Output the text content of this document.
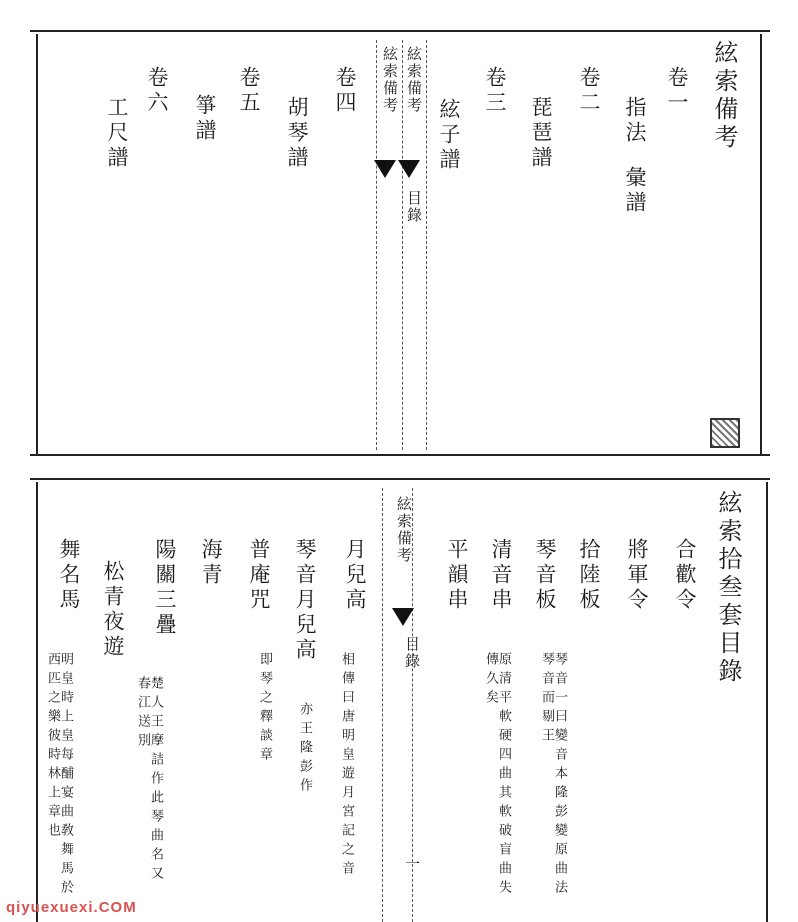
絃索備考
卷一
指法
彙譜
卷二
琵琶譜
卷三
絃子譜
絃索備考 絃索備考
目錄
卷四
胡琴譜
卷五
箏譜
卷六
工尺譜
絃索拾叁套目錄
合歡令
將軍令
拾陸板
琴音板
琴音一曰變音本隆彭變原曲法琴音而剔王
清音串
原清平軟硬四曲其軟破盲曲失傳久矣
平韻串
絃索備考
目錄
一
月兒高
相傳曰唐明皇遊月宮記之音
琴音月兒高
亦王隆彭作
普庵咒
即琴之釋談章
海青
陽關三疊
楚人王摩詰作此琴曲名又春江送別
松青夜遊
舞名馬
明皇時上皇每酺宴曲敎舞馬於西匹之樂彼時林上章也
qiyuexuexi.COM
